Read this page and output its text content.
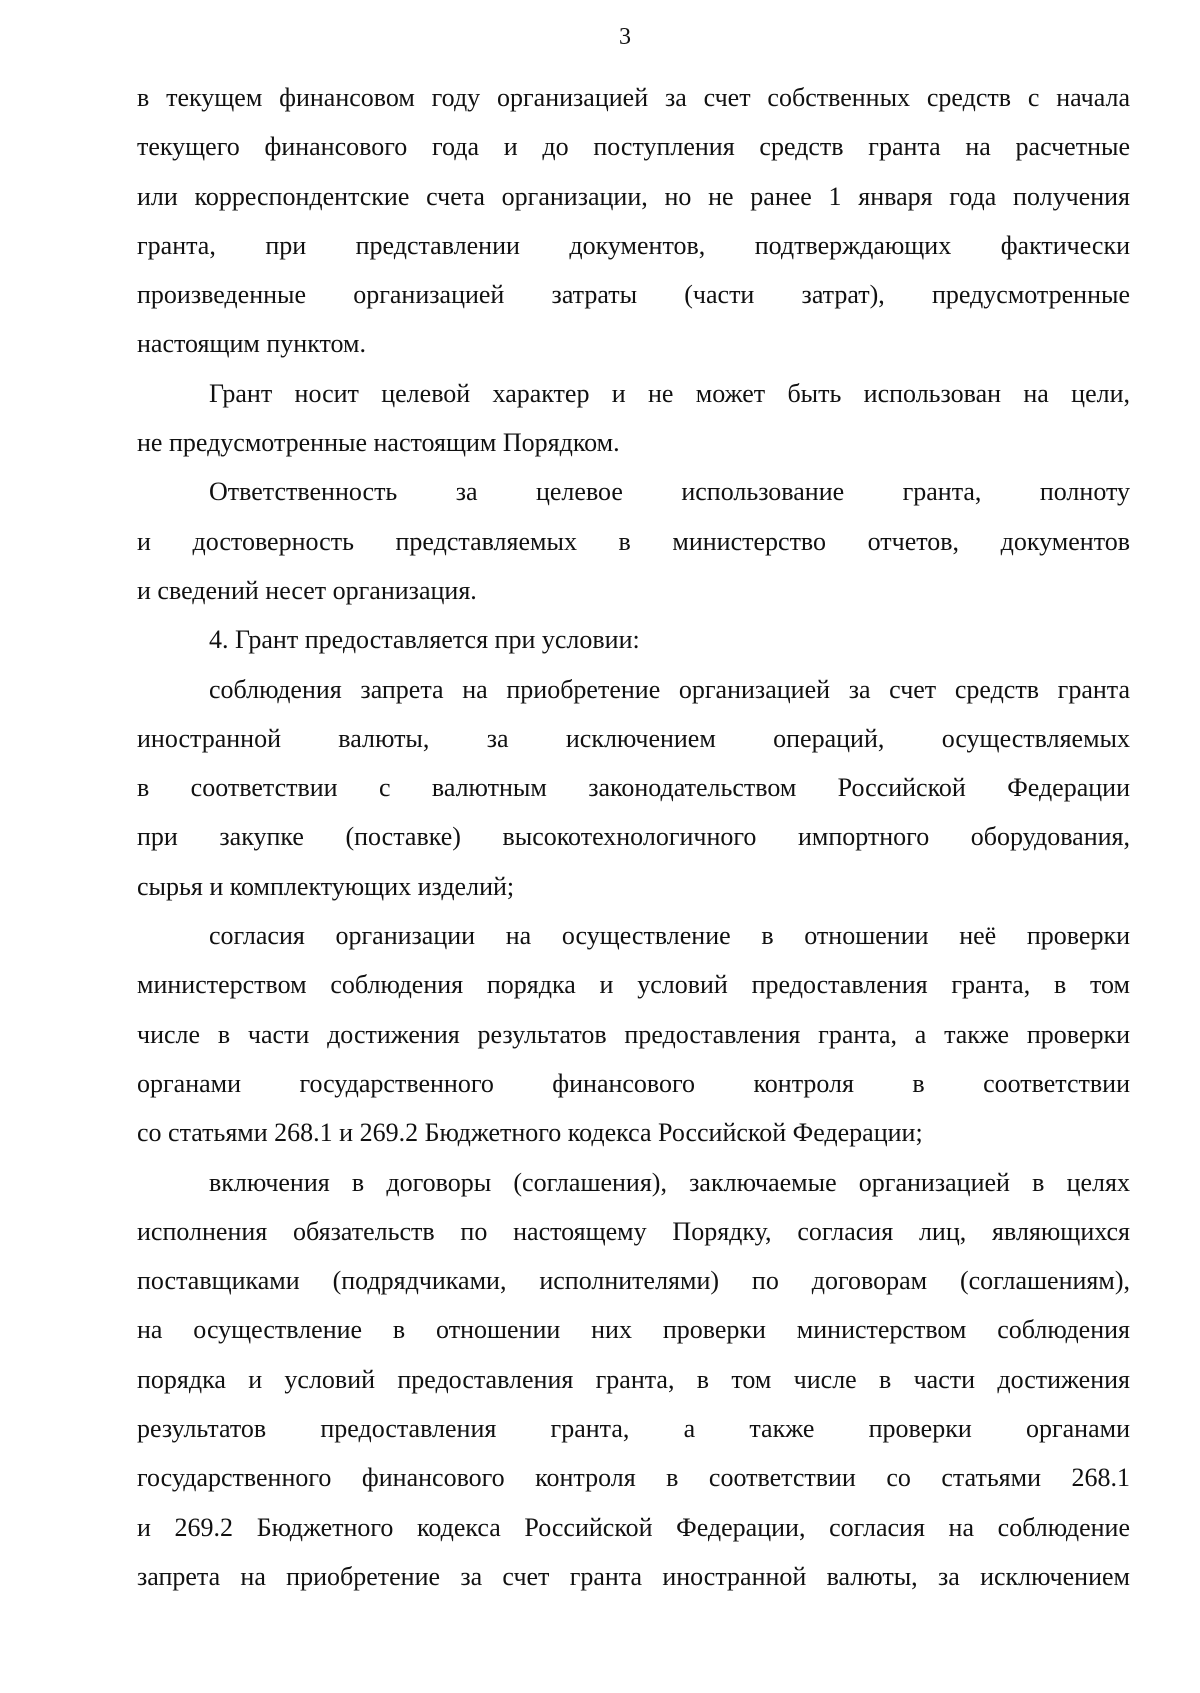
3
в текущем финансовом году организацией за счет собственных средств с начала
текущего финансового года и до поступления средств гранта на расчетные
или корреспондентские счета организации, но не ранее 1 января года получения
гранта, при представлении документов, подтверждающих фактически
произведенные организацией затраты (части затрат), предусмотренные
настоящим пунктом.
Грант носит целевой характер и не может быть использован на цели,
не предусмотренные настоящим Порядком.
Ответственность за целевое использование гранта, полноту
и достоверность представляемых в министерство отчетов, документов
и сведений несет организация.
4. Грант предоставляется при условии:
соблюдения запрета на приобретение организацией за счет средств гранта
иностранной валюты, за исключением операций, осуществляемых
в соответствии с валютным законодательством Российской Федерации
при закупке (поставке) высокотехнологичного импортного оборудования,
сырья и комплектующих изделий;
согласия организации на осуществление в отношении неё проверки
министерством соблюдения порядка и условий предоставления гранта, в том
числе в части достижения результатов предоставления гранта, а также проверки
органами государственного финансового контроля в соответствии
со статьями 268.1 и 269.2 Бюджетного кодекса Российской Федерации;
включения в договоры (соглашения), заключаемые организацией в целях
исполнения обязательств по настоящему Порядку, согласия лиц, являющихся
поставщиками (подрядчиками, исполнителями) по договорам (соглашениям),
на осуществление в отношении них проверки министерством соблюдения
порядка и условий предоставления гранта, в том числе в части достижения
результатов предоставления гранта, а также проверки органами
государственного финансового контроля в соответствии со статьями 268.1
и 269.2 Бюджетного кодекса Российской Федерации, согласия на соблюдение
запрета на приобретение за счет гранта иностранной валюты, за исключением
